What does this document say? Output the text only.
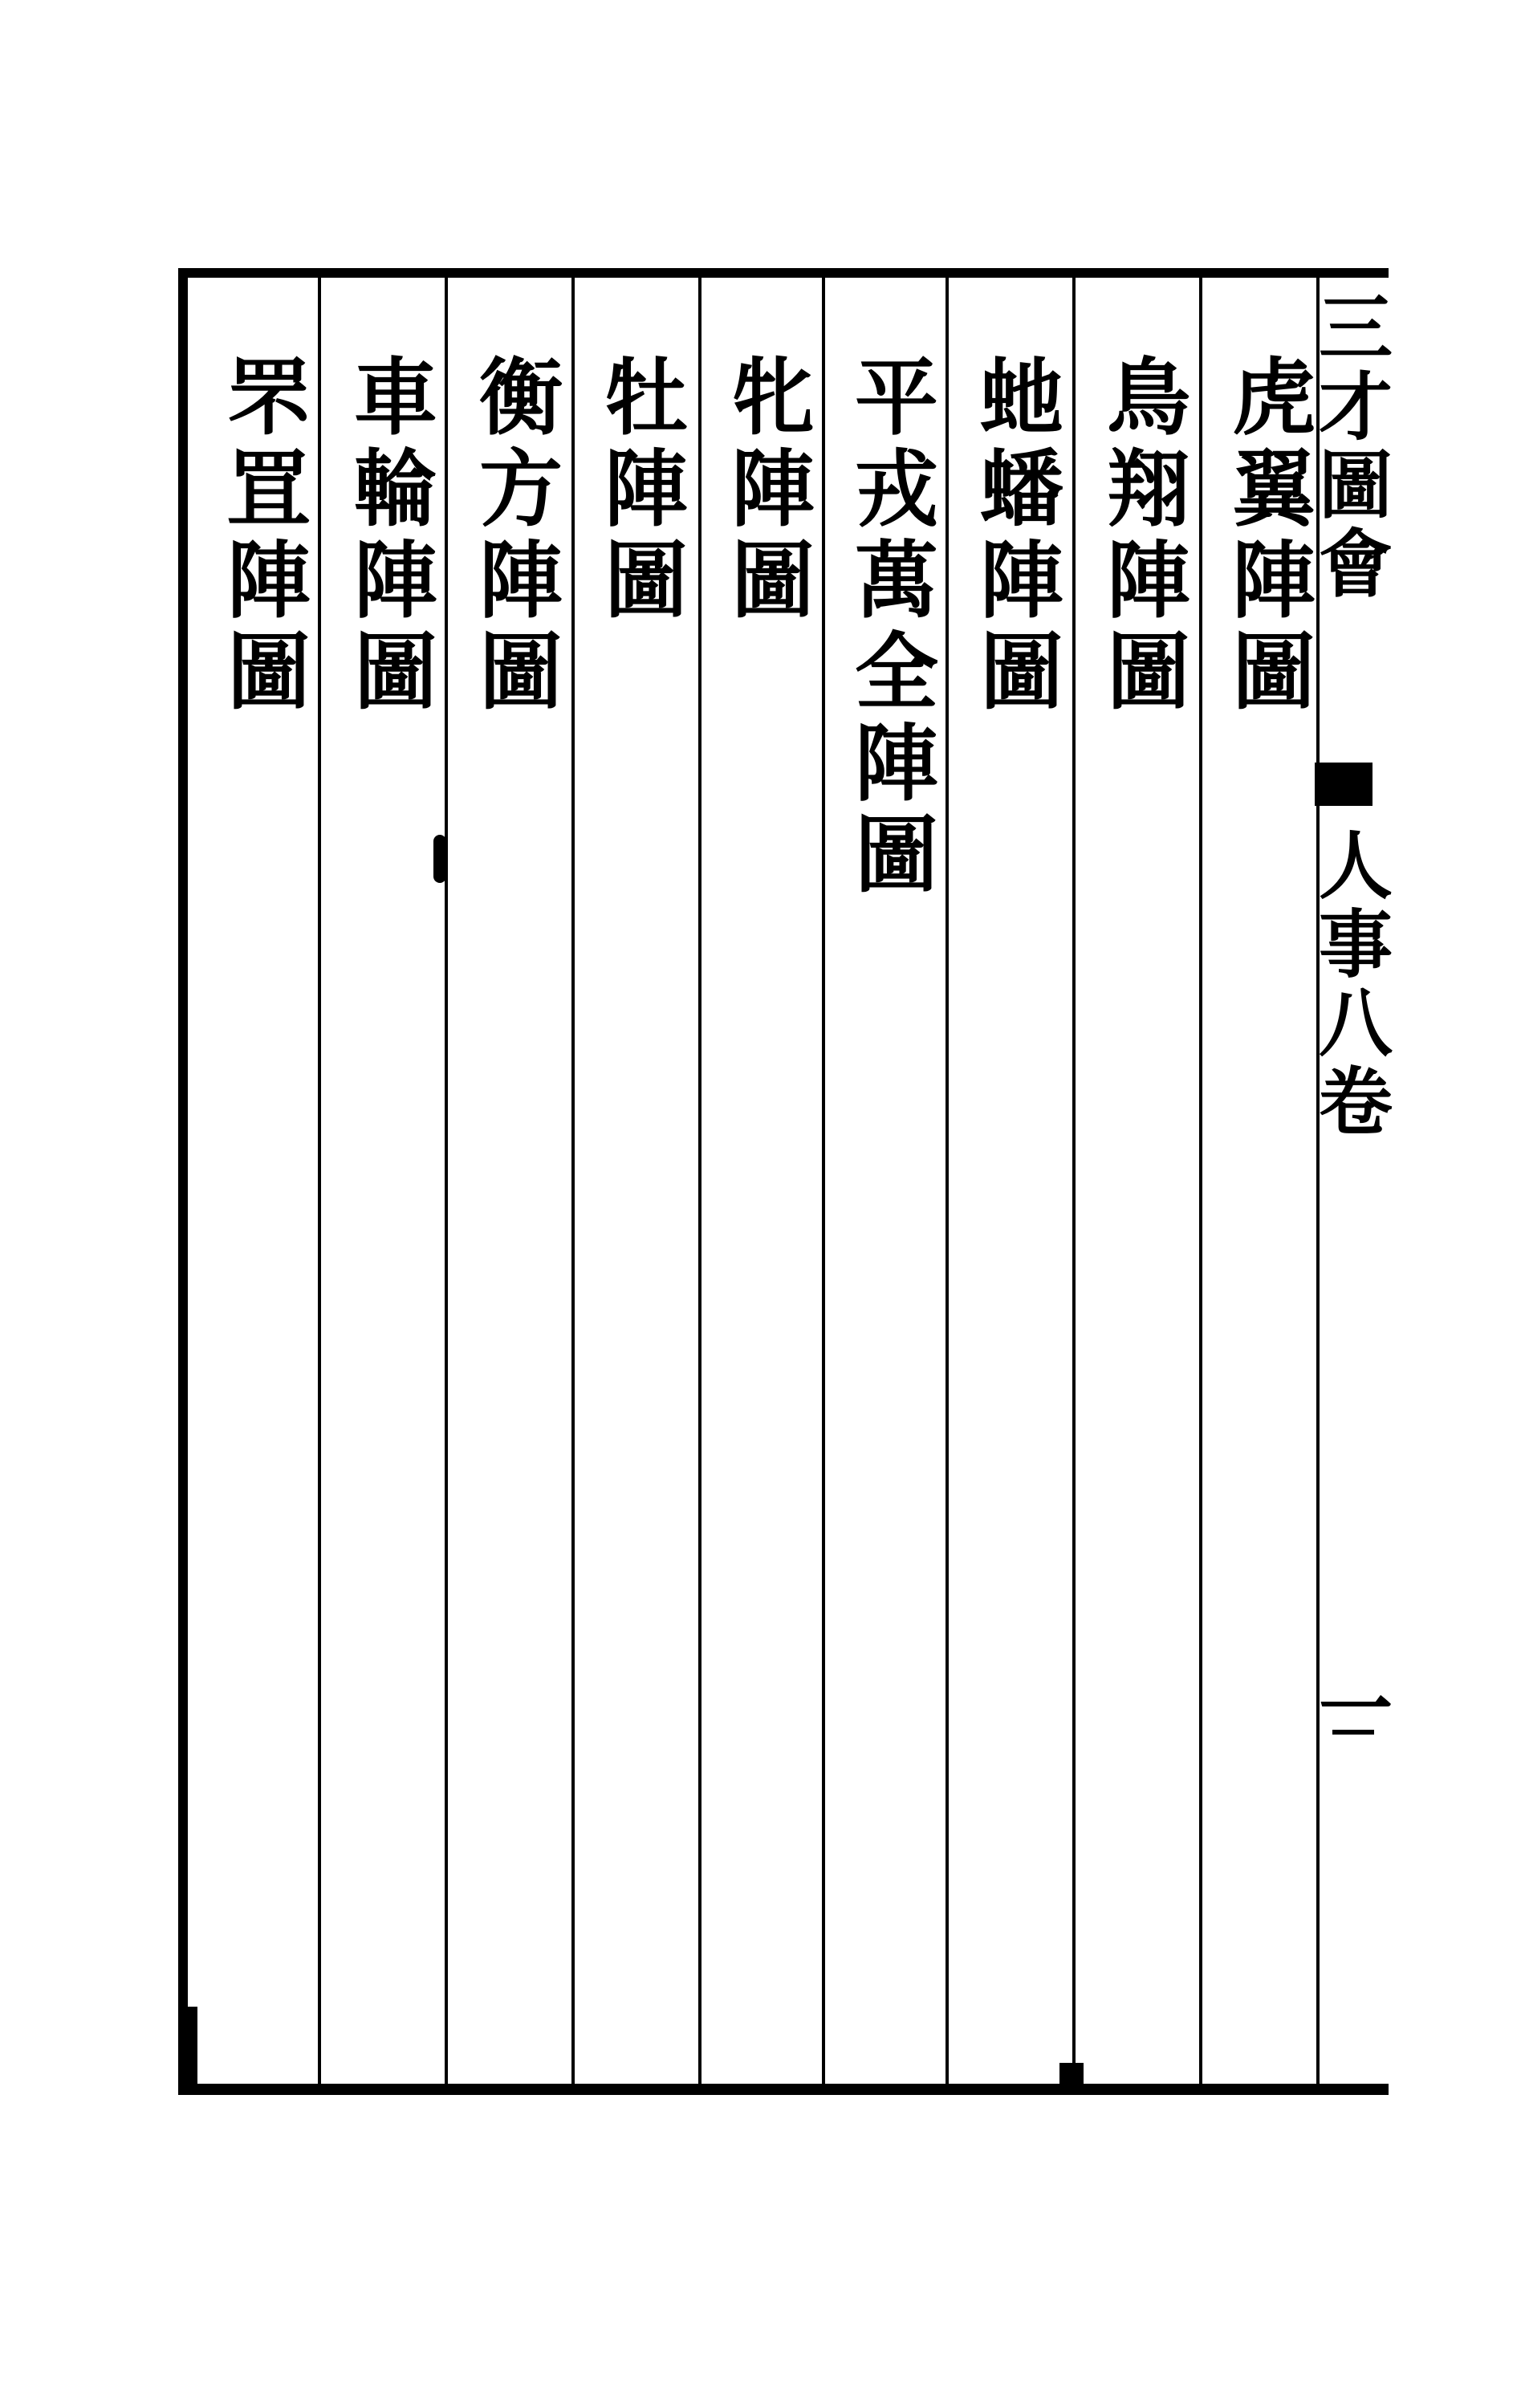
虎翼陣圖
鳥翔陣圖
虵蟠陣圖
平戎萬全陣圖
牝陣圖
牡陣圖
衡方陣圖
車輪陣圖
罘罝陣圖	三才圖會
人事八卷
一
